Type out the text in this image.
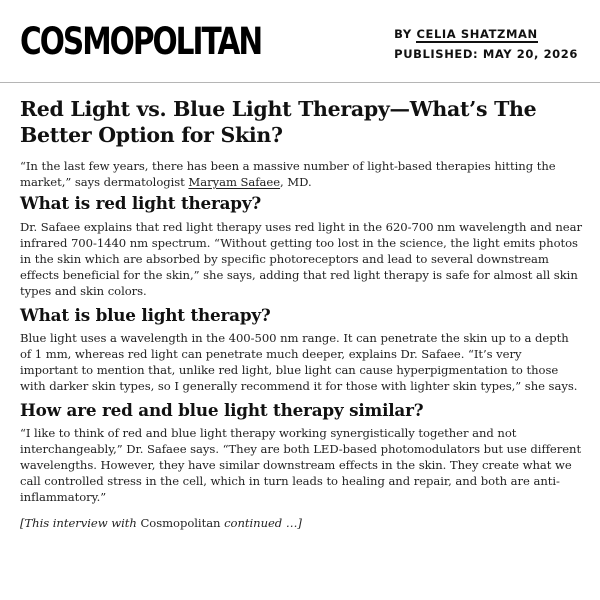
COSMOPOLITAN	BY CELIA SHATZMAN
PUBLISHED: MAY 20, 2026
Red Light vs. Blue Light Therapy—What’s The Better Option for Skin?

“In the last few years, there has been a massive number of light-based therapies hitting the market,” says dermatologist Maryam Safaee, MD.

What is red light therapy?

Dr. Safaee explains that red light therapy uses red light in the 620-700 nm wavelength and near infrared 700-1440 nm spectrum. “Without getting too lost in the science, the light emits photos in the skin which are absorbed by specific photoreceptors and lead to several downstream effects beneficial for the skin,” she says, adding that red light therapy is safe for almost all skin types and skin colors.

What is blue light therapy?

Blue light uses a wavelength in the 400-500 nm range. It can penetrate the skin up to a depth of 1 mm, whereas red light can penetrate much deeper, explains Dr. Safaee. “It’s very important to mention that, unlike red light, blue light can cause hyperpigmentation to those with darker skin types, so I generally recommend it for those with lighter skin types,” she says.

How are red and blue light therapy similar?

“I like to think of red and blue light therapy working synergistically together and not interchangeably,” Dr. Safaee says. “They are both LED-based photomodulators but use different wavelengths. However, they have similar downstream effects in the skin. They create what we call controlled stress in the cell, which in turn leads to healing and repair, and both are anti-inflammatory.”

[This interview with Cosmopolitan continued …]
